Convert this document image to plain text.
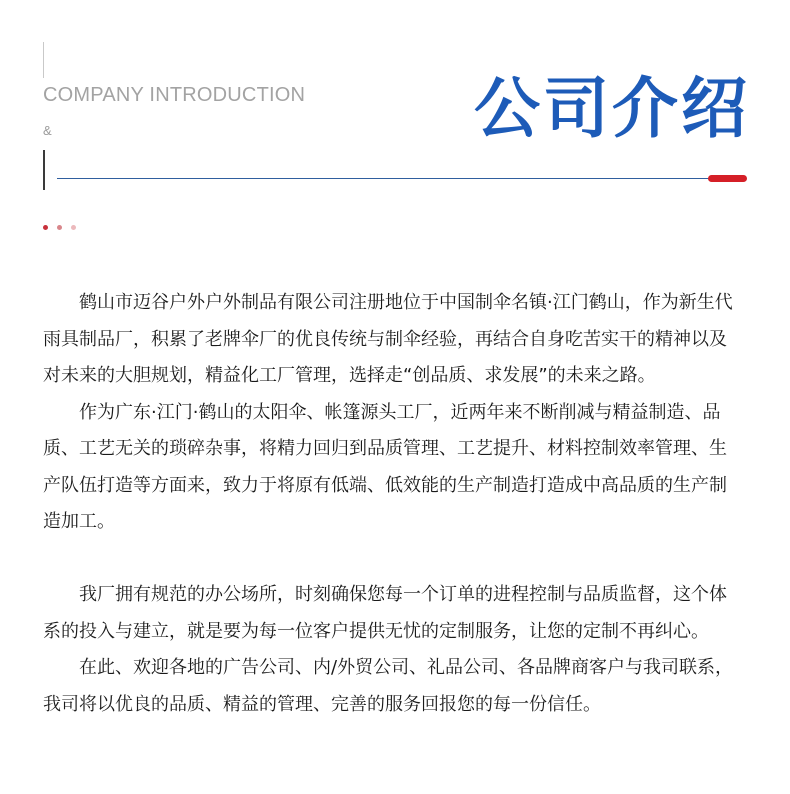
COMPANY INTRODUCTION
&	公司介绍

鹤山市迈谷户外户外制品有限公司注册地位于中国制伞名镇·江门鹤山，作为新生代雨具制品厂，积累了老牌伞厂的优良传统与制伞经验，再结合自身吃苦实干的精神以及对未来的大胆规划，精益化工厂管理，选择走“创品质、求发展”的未来之路。

作为广东·江门·鹤山的太阳伞、帐篷源头工厂，近两年来不断削减与精益制造、品质、工艺无关的琐碎杂事，将精力回归到品质管理、工艺提升、材料控制效率管理、生产队伍打造等方面来，致力于将原有低端、低效能的生产制造打造成中高品质的生产制造加工。

我厂拥有规范的办公场所，时刻确保您每一个订单的进程控制与品质监督，这个体系的投入与建立，就是要为每一位客户提供无忧的定制服务，让您的定制不再纠心。

在此、欢迎各地的广告公司、内/外贸公司、礼品公司、各品牌商客户与我司联系，我司将以优良的品质、精益的管理、完善的服务回报您的每一份信任。
